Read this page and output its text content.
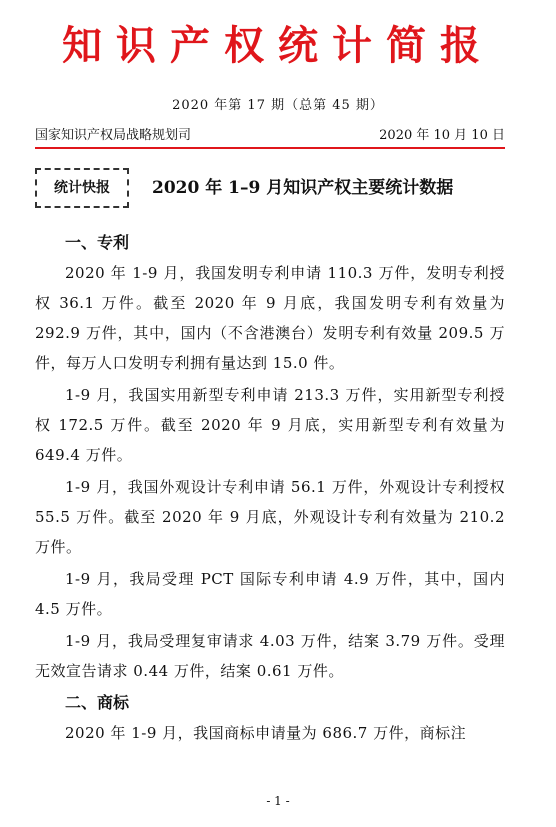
知识产权统计简报
2020 年第 17 期（总第 45 期）
国家知识产权局战略规划司	2020 年 10 月 10 日
统计快报	2020 年 1–9 月知识产权主要统计数据
一、专利

2020 年 1-9 月，我国发明专利申请 110.3 万件，发明专利授权 36.1 万件。截至 2020 年 9 月底，我国发明专利有效量为 292.9 万件，其中，国内（不含港澳台）发明专利有效量 209.5 万件，每万人口发明专利拥有量达到 15.0 件。

1-9 月，我国实用新型专利申请 213.3 万件，实用新型专利授权 172.5 万件。截至 2020 年 9 月底，实用新型专利有效量为 649.4 万件。

1-9 月，我国外观设计专利申请 56.1 万件，外观设计专利授权 55.5 万件。截至 2020 年 9 月底，外观设计专利有效量为 210.2 万件。

1-9 月，我局受理 PCT 国际专利申请 4.9 万件，其中，国内 4.5 万件。

1-9 月，我局受理复审请求 4.03 万件，结案 3.79 万件。受理无效宣告请求 0.44 万件，结案 0.61 万件。

二、商标

2020 年 1-9 月，我国商标申请量为 686.7 万件，商标注

- 1 -
